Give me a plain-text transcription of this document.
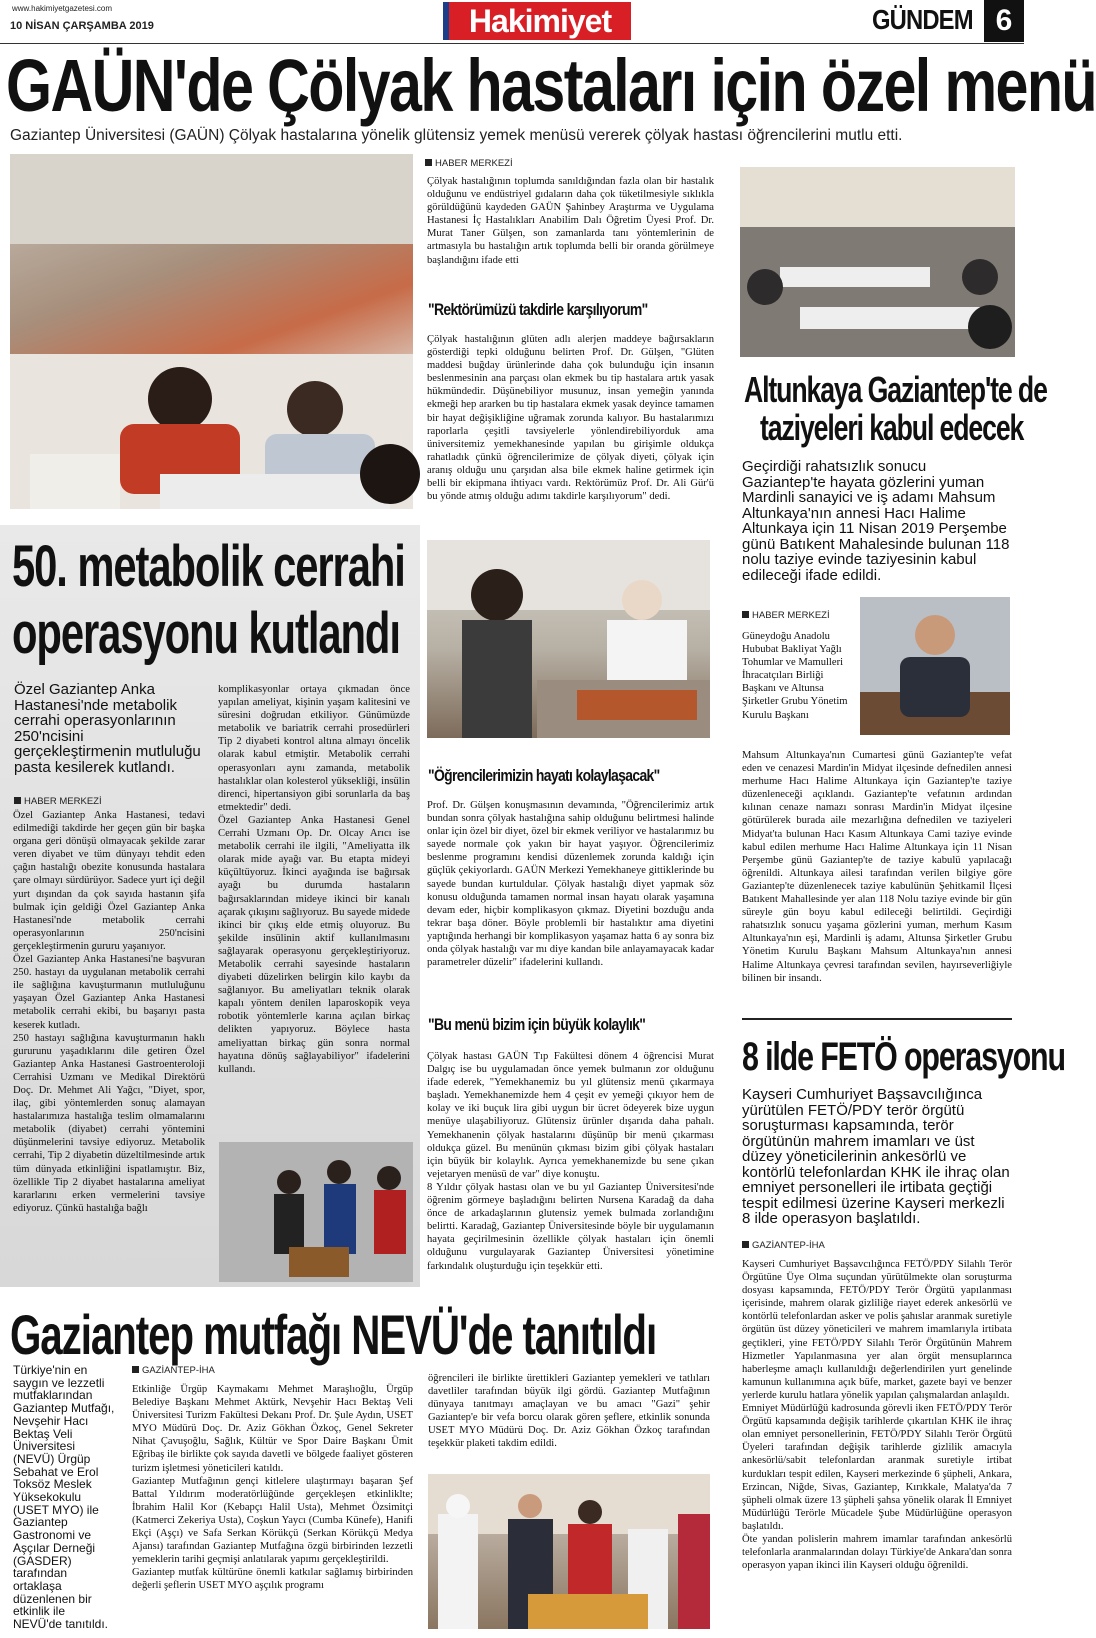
www.hakimiyetgazetesi.com
10 NİSAN ÇARŞAMBA 2019	Hakimiyet	GÜNDEM 6
GAÜN'de Çölyak hastaları için özel menü
Gaziantep Üniversitesi (GAÜN) Çölyak hastalarına yönelik glütensiz yemek menüsü vererek çölyak hastası öğrencilerini mutlu etti.
HABER MERKEZİ
Çölyak hastalığının toplumda sanıldığından fazla olan bir hastalık olduğunu ve endüstriyel gıdaların daha çok tüketilmesiyle sıklıkla görüldüğünü kaydeden GAÜN Şahinbey Araştırma ve Uygulama Hastanesi İç Hastalıkları Anabilim Dalı Öğretim Üyesi Prof. Dr. Murat Taner Gülşen, son zamanlarda tanı yöntemlerinin de artmasıyla bu hastalığın artık toplumda belli bir oranda görülmeye başlandığını ifade etti
"Rektörümüzü takdirle karşılıyorum"
Çölyak hastalığının glüten adlı alerjen maddeye bağırsakların gösterdiği tepki olduğunu belirten Prof. Dr. Gülşen, "Glüten maddesi buğday ürünlerinde daha çok bulunduğu için insanın beslenmesinin ana parçası olan ekmek bu tip hastalara artık yasak hükmündedir. Düşünebiliyor musunuz, insan yemeğin yanında ekmeği hep ararken bu tip hastalara ekmek yasak deyince tamamen bir hayat değişikliğine uğramak zorunda kalıyor. Bu hastalarımızı raporlarla çeşitli tavsiyelerle yönlendirebiliyorduk ama üniversitemiz yemekhanesinde yapılan bu girişimle oldukça rahatladık çünkü öğrencilerimize de çölyak diyeti, çölyak için aranış olduğu unu çarşıdan alsa bile ekmek haline getirmek için belli bir ekipmana ihtiyacı vardı. Rektörümüz Prof. Dr. Ali Gür'ü bu yönde atmış olduğu adımı takdirle karşılıyorum" dedi.
"Öğrencilerimizin hayatı kolaylaşacak"
Prof. Dr. Gülşen konuşmasının devamında, "Öğrencilerimiz artık bundan sonra çölyak hastalığına sahip olduğunu belirtmesi halinde onlar için özel bir diyet, özel bir ekmek veriliyor ve hastalarımız bu sayede normale çok yakın bir hayat yaşıyor. Öğrencilerimiz beslenme programını kendisi düzenlemek zorunda kaldığı için güçlük çekiyorlardı. GAÜN Merkezi Yemekhaneye gittiklerinde bu sayede bundan kurtuldular. Çölyak hastalığı diyet yapmak söz konusu olduğunda tamamen normal insan hayatı olarak yaşamına devam eder, hiçbir komplikasyon çıkmaz. Diyetini bozduğu anda tekrar başa döner. Böyle problemli bir hastalıktır ama diyetini yaptığında herhangi bir komplikasyon yaşamaz hatta 6 ay sonra biz onda çölyak hastalığı var mı diye kandan bile anlayamayacak kadar parametreler düzelir" ifadelerini kullandı.
"Bu menü bizim için büyük kolaylık"
Çölyak hastası GAÜN Tıp Fakültesi dönem 4 öğrencisi Murat Dalgıç ise bu uygulamadan önce yemek bulmanın zor olduğunu ifade ederek, "Yemekhanemiz bu yıl glütensiz menü çıkarmaya başladı. Yemekhanemizde hem 4 çeşit ev yemeği çıkıyor hem de kolay ve iki buçuk lira gibi uygun bir ücret ödeyerek bize uygun menüye ulaşabiliyoruz. Glütensiz ürünler dışarıda daha pahalı. Yemekhanenin çölyak hastalarını düşünüp bir menü çıkarması oldukça güzel. Bu menünün çıkması bizim gibi çölyak hastaları için büyük bir kolaylık. Ayrıca yemekhanemizde bu sene çıkan vejetaryen menüsü de var" diye konuştu.
8 Yıldır çölyak hastası olan ve bu yıl Gaziantep Üniversitesi'nde öğrenim görmeye başladığını belirten Nursena Karadağ da daha önce de arkadaşlarının glutensiz yemek bulmada zorlandığını belirtti. Karadağ, Gaziantep Üniversitesinde böyle bir uygulamanın hayata geçirilmesinin özellikle çölyak hastaları için önemli olduğunu vurgulayarak Gaziantep Üniversitesi yönetimine farkındalık oluşturduğu için teşekkür etti.
50. metabolik cerrahi
operasyonu kutlandı
Özel Gaziantep Anka Hastanesi'nde metabolik cerrahi operasyonlarının 250'ncisini gerçekleştirmenin mutluluğu pasta kesilerek kutlandı.
HABER MERKEZİ
Özel Gaziantep Anka Hastanesi, tedavi edilmediği takdirde her geçen gün bir başka organa geri dönüşü olmayacak şekilde zarar veren diyabet ve tüm dünyayı tehdit eden çağın hastalığı obezite konusunda hastalara çare olmayı sürdürüyor. Sadece yurt içi değil yurt dışından da çok sayıda hastanın şifa bulmak için geldiği Özel Gaziantep Anka Hastanesi'nde metabolik cerrahi operasyonlarının 250'ncisini gerçekleştirmenin gururu yaşanıyor.
Özel Gaziantep Anka Hastanesi'ne başvuran 250. hastayı da uygulanan metabolik cerrahi ile sağlığına kavuşturmanın mutluluğunu yaşayan Özel Gaziantep Anka Hastanesi metabolik cerrahi ekibi, bu başarıyı pasta keserek kutladı.
250 hastayı sağlığına kavuşturmanın haklı gururunu yaşadıklarını dile getiren Özel Gaziantep Anka Hastanesi Gastroenteroloji Cerrahisi Uzmanı ve Medikal Direktörü Doç. Dr. Mehmet Ali Yağcı, "Diyet, spor, ilaç, gibi yöntemlerden sonuç alamayan hastalarımıza hastalığa teslim olmamalarını metabolik (diyabet) cerrahi yöntemini düşünmelerini tavsiye ediyoruz. Metabolik cerrahi, Tip 2 diyabetin düzeltilmesinde artık tüm dünyada etkinliğini ispatlamıştır. Biz, özellikle Tip 2 diyabet hastalarına ameliyat kararlarını erken vermelerini tavsiye ediyoruz. Çünkü hastalığa bağlı
komplikasyonlar ortaya çıkmadan önce yapılan ameliyat, kişinin yaşam kalitesini ve süresini doğrudan etkiliyor. Günümüzde metabolik ve bariatrik cerrahi prosedürleri Tip 2 diyabeti kontrol altına almayı öncelik olarak kabul etmiştir. Metabolik cerrahi operasyonları aynı zamanda, metabolik hastalıklar olan kolesterol yüksekliği, insülin direnci, hipertansiyon gibi sorunlarla da baş etmektedir" dedi.
Özel Gaziantep Anka Hastanesi Genel Cerrahi Uzmanı Op. Dr. Olcay Arıcı ise metabolik cerrahi ile ilgili, "Ameliyatta ilk olarak mide ayağı var. Bu etapta mideyi küçültüyoruz. İkinci ayağında ise bağırsak ayağı bu durumda hastaların bağırsaklarından mideye ikinci bir kanalı açarak çıkışını sağlıyoruz. Bu sayede midede ikinci bir çıkış elde etmiş oluyoruz. Bu şekilde insülinin aktif kullanılmasını sağlayarak operasyonu gerçekleştiriyoruz. Metabolik cerrahi sayesinde hastaların diyabeti düzelirken belirgin kilo kaybı da sağlanıyor. Bu ameliyatları teknik olarak kapalı yöntem denilen laparoskopik veya robotik yöntemlerle karına açılan birkaç delikten yapıyoruz. Böylece hasta ameliyattan birkaç gün sonra normal hayatına dönüş sağlayabiliyor" ifadelerini kullandı.
Altunkaya Gaziantep'te de
taziyeleri kabul edecek
Geçirdiği rahatsızlık sonucu Gaziantep'te hayata gözlerini yuman Mardinli sanayici ve iş adamı Mahsum Altunkaya'nın annesi Hacı Halime Altunkaya için 11 Nisan 2019 Perşembe günü Batıkent Mahalesinde bulunan 118 nolu taziye evinde taziyesinin kabul edileceği ifade edildi.
HABER MERKEZİ
Güneydoğu Anadolu Hububat Bakliyat Yağlı Tohumlar ve Mamulleri İhracatçıları Birliği Başkanı ve Altunsa Şirketler Grubu Yönetim Kurulu Başkanı
Mahsum Altunkaya'nın Cumartesi günü Gaziantep'te vefat eden ve cenazesi Mardin'in Midyat ilçesinde defnedilen annesi merhume Hacı Halime Altunkaya için Gaziantep'te taziye düzenleneceği açıklandı. Gaziantep'te vefatının ardından kılınan cenaze namazı sonrası Mardin'in Midyat ilçesine götürülerek burada aile mezarlığına defnedilen ve taziyeleri Midyat'ta bulunan Hacı Kasım Altunkaya Cami taziye evinde kabul edilen merhume Hacı Halime Altunkaya için 11 Nisan Perşembe günü Gaziantep'te de taziye kabulü yapılacağı öğrenildi. Altunkaya ailesi tarafından verilen bilgiye göre Gaziantep'te düzenlenecek taziye kabulünün Şehitkamil İlçesi Batıkent Mahallesinde yer alan 118 Nolu taziye evinde bir gün süreyle gün boyu kabul edileceği belirtildi. Geçirdiği rahatsızlık sonucu yaşama gözlerini yuman, merhum Kasım Altunkaya'nın eşi, Mardinli iş adamı, Altunsa Şirketler Grubu Yönetim Kurulu Başkanı Mahsum Altunkaya'nın annesi Halime Altunkaya çevresi tarafından sevilen, hayırseverliğiyle bilinen bir insandı.
8 ilde FETÖ operasyonu
Kayseri Cumhuriyet Başsavcılığınca yürütülen FETÖ/PDY terör örgütü soruşturması kapsamında, terör örgütünün mahrem imamları ve üst düzey yöneticilerinin ankesörlü ve kontörlü telefonlardan KHK ile ihraç olan emniyet personelleri ile irtibata geçtiği tespit edilmesi üzerine Kayseri merkezli 8 ilde operasyon başlatıldı.
GAZİANTEP-İHA
Kayseri Cumhuriyet Başsavcılığınca FETÖ/PDY Silahlı Terör Örgütüne Üye Olma suçundan yürütülmekte olan soruşturma dosyası kapsamında, FETÖ/PDY Terör Örgütü yapılanması içerisinde, mahrem olarak gizliliğe riayet ederek ankesörlü ve kontörlü telefonlardan asker ve polis şahıslar aranmak suretiyle örgütün üst düzey yöneticileri ve mahrem imamlarıyla irtibata geçtikleri, yine FETÖ/PDY Silahlı Terör Örgütünün Mahrem Hizmetler Yapılanmasına yer alan örgüt mensuplarınca haberleşme amaçlı kullanıldığı değerlendirilen yurt genelinde kamunun kullanımına açık büfe, market, gazete bayi ve benzer yerlerde kurulu hatlara yönelik yapılan çalışmalardan anlaşıldı.
Emniyet Müdürlüğü kadrosunda görevli iken FETÖ/PDY Terör Örgütü kapsamında değişik tarihlerde çıkartılan KHK ile ihraç olan emniyet personellerinin, FETÖ/PDY Silahlı Terör Örgütü Üyeleri tarafından değişik tarihlerde gizlilik amacıyla ankesörlü/sabit telefonlardan aranmak suretiyle irtibat kurdukları tespit edilen, Kayseri merkezinde 6 şüpheli, Ankara, Erzincan, Niğde, Sivas, Gaziantep, Kırıkkale, Malatya'da 7 şüpheli olmak üzere 13 şüpheli şahsa yönelik olarak İl Emniyet Müdürlüğü Terörle Mücadele Şube Müdürlüğüne operasyon başlatıldı.
Öte yandan polislerin mahrem imamlar tarafından ankesörlü telefonlarla aranmalarından dolayı Türkiye'de Ankara'dan sonra operasyon yapan ikinci ilin Kayseri olduğu öğrenildi.
Gaziantep mutfağı NEVÜ'de tanıtıldı
Türkiye'nin en saygın ve lezzetli mutfaklarından Gaziantep Mutfağı, Nevşehir Hacı Bektaş Veli Üniversitesi (NEVÜ) Ürgüp Sebahat ve Erol Toksöz Meslek Yüksekokulu (USET MYO) ile Gaziantep Gastronomi ve Aşçılar Derneği (GASDER) tarafından ortaklaşa düzenlenen bir etkinlik ile NEVÜ'de tanıtıldı.
GAZİANTEP-İHA
Etkinliğe Ürgüp Kaymakamı Mehmet Maraşlıoğlu, Ürgüp Belediye Başkanı Mehmet Aktürk, Nevşehir Hacı Bektaş Veli Üniversitesi Turizm Fakültesi Dekanı Prof. Dr. Şule Aydın, USET MYO Müdürü Doç. Dr. Aziz Gökhan Özkoç, Genel Sekreter Nihat Çavuşoğlu, Sağlık, Kültür ve Spor Daire Başkanı Ümit Eğribaş ile birlikte çok sayıda davetli ve bölgede faaliyet gösteren turizm işletmesi yöneticileri katıldı.
Gaziantep Mutfağının gençi kitlelere ulaştırmayı başaran Şef Battal Yıldırım moderatörlüğünde gerçekleşen etkinliklte; İbrahim Halil Kor (Kebapçı Halil Usta), Mehmet Özsimitçi (Katmerci Zekeriya Usta), Coşkun Yaycı (Cumba Künefe), Hanifi Ekçi (Aşçı) ve Safa Serkan Körükçü (Serkan Körükçü Medya Ajansı) tarafından Gaziantep Mutfağına özgü birbirinden lezzetli yemeklerin tarihi geçmişi anlatılarak yapımı gerçekleştirildi.
Gaziantep mutfak kültürüne önemli katkılar sağlamış birbirinden değerli şeflerin USET MYO aşçılık programı
öğrencileri ile birlikte ürettikleri Gaziantep yemekleri ve tatlıları davetliler tarafından büyük ilgi gördü. Gaziantep Mutfağının dünyaya tanıtmayı amaçlayan ve bu amacı "Gazi" şehir Gaziantep'e bir vefa borcu olarak gören şeflere, etkinlik sonunda USET MYO Müdürü Doç. Dr. Aziz Gökhan Özkoç tarafından teşekkür plaketi takdim edildi.
